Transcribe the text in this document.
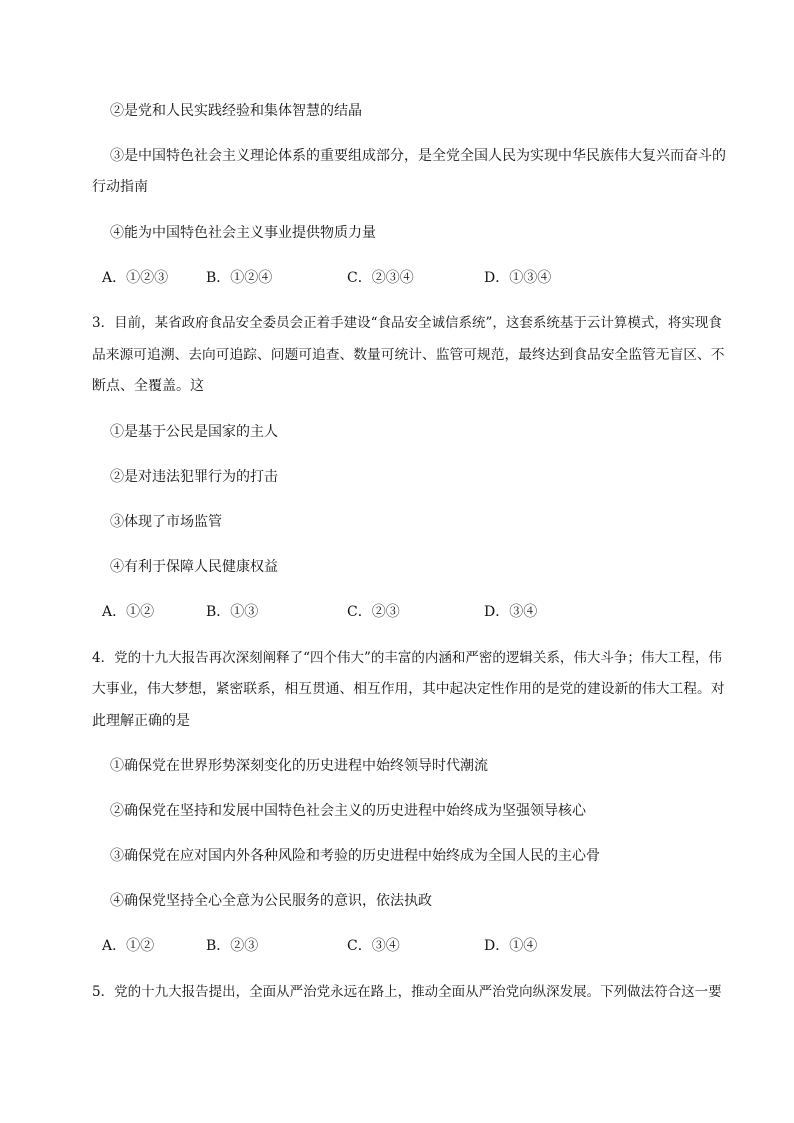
②是党和人民实践经验和集体智慧的结晶
③是中国特色社会主义理论体系的重要组成部分，是全党全国人民为实现中华民族伟大复兴而奋斗的
行动指南
④能为中国特色社会主义事业提供物质力量
A．①②③	B．①②④	C．②③④	D．①③④
3．目前，某省政府食品安全委员会正着手建设“食品安全诚信系统”，这套系统基于云计算模式，将实现食
品来源可追溯、去向可追踪、问题可追查、数量可统计、监管可规范，最终达到食品安全监管无盲区、不
断点、全覆盖。这
①是基于公民是国家的主人
②是对违法犯罪行为的打击
③体现了市场监管
④有利于保障人民健康权益
A．①②	B．①③	C．②③	D．③④
4．党的十九大报告再次深刻阐释了“四个伟大”的丰富的内涵和严密的逻辑关系，伟大斗争；伟大工程，伟
大事业，伟大梦想，紧密联系，相互贯通、相互作用，其中起决定性作用的是党的建设新的伟大工程。对
此理解正确的是
①确保党在世界形势深刻变化的历史进程中始终领导时代潮流
②确保党在坚持和发展中国特色社会主义的历史进程中始终成为坚强领导核心
③确保党在应对国内外各种风险和考验的历史进程中始终成为全国人民的主心骨
④确保党坚持全心全意为公民服务的意识，依法执政
A．①②	B．②③	C．③④	D．①④
5．党的十九大报告提出，全面从严治党永远在路上，推动全面从严治党向纵深发展。下列做法符合这一要
